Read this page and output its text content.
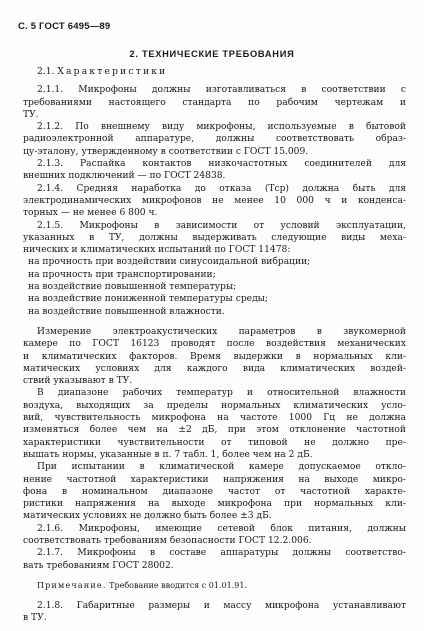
С. 5 ГОСТ 6495—89
2. ТЕХНИЧЕСКИЕ ТРЕБОВАНИЯ
2.1. Характеристики
2.1.1. Микрофоны должны изготавливаться в соответствии с
требованиями настоящего стандарта по рабочим чертежам и
ТУ.
2.1.2. По внешнему виду микрофоны, используемые в бытовой
радиоэлектронной аппаратуре, должны соответствовать образ-
цу-эталону, утвержденному в соответствии с ГОСТ 15.009.
2.1.3. Распайка контактов низкочастотных соединителей для
внешних подключений — по ГОСТ 24838.
2.1.4. Средняя наработка до отказа (Tср) должна быть для
электродинамических микрофонов не менее 10 000 ч и конденса-
торных — не менее 6 800 ч.
2.1.5. Микрофоны в зависимости от условий эксплуатации,
указанных в ТУ, должны выдерживать следующие виды меха-
нических и климатических испытаний по ГОСТ 11478:
на прочность при воздействии синусоидальной вибрации;
на прочность при транспортировании;
на воздействие повышенной температуры;
на воздействие пониженной температуры среды;
на воздействие повышенной влажности.
Измерение электроакустических параметров в звукомерной
камере по ГОСТ 16123 проводят после воздействия механических
и климатических факторов. Время выдержки в нормальных кли-
матических условиях для каждого вида климатических воздей-
ствий указывают в ТУ.
В диапазоне рабочих температур и относительной влажности
воздуха, выходящих за пределы нормальных климатических усло-
вий, чувствительность микрофона на частоте 1000 Гц не должна
изменяться более чем на ±2 дБ, при этом отклонение частотной
характеристики чувствительности от типовой не должно пре-
вышать нормы, указанные в п. 7 табл. 1, более чем на 2 дБ.
При испытании в климатической камере допускаемое откло-
нение частотной характеристики напряжения на выходе микро-
фона в номинальном диапазоне частот от частотной характе-
ристики напряжения на выходе микрофона при нормальных кли-
матических условиях не должно быть более ±3 дБ.
2.1.6. Микрофоны, имеющие сетевой блок питания, должны
соответствовать требованиям безопасности ГОСТ 12.2.006.
2.1.7. Микрофоны в составе аппаратуры должны соответство-
вать требованиям ГОСТ 28002.
Примечание. Требование вводится с 01.01.91.
2.1.8. Габаритные размеры и массу микрофона устанавливают
в ТУ.
